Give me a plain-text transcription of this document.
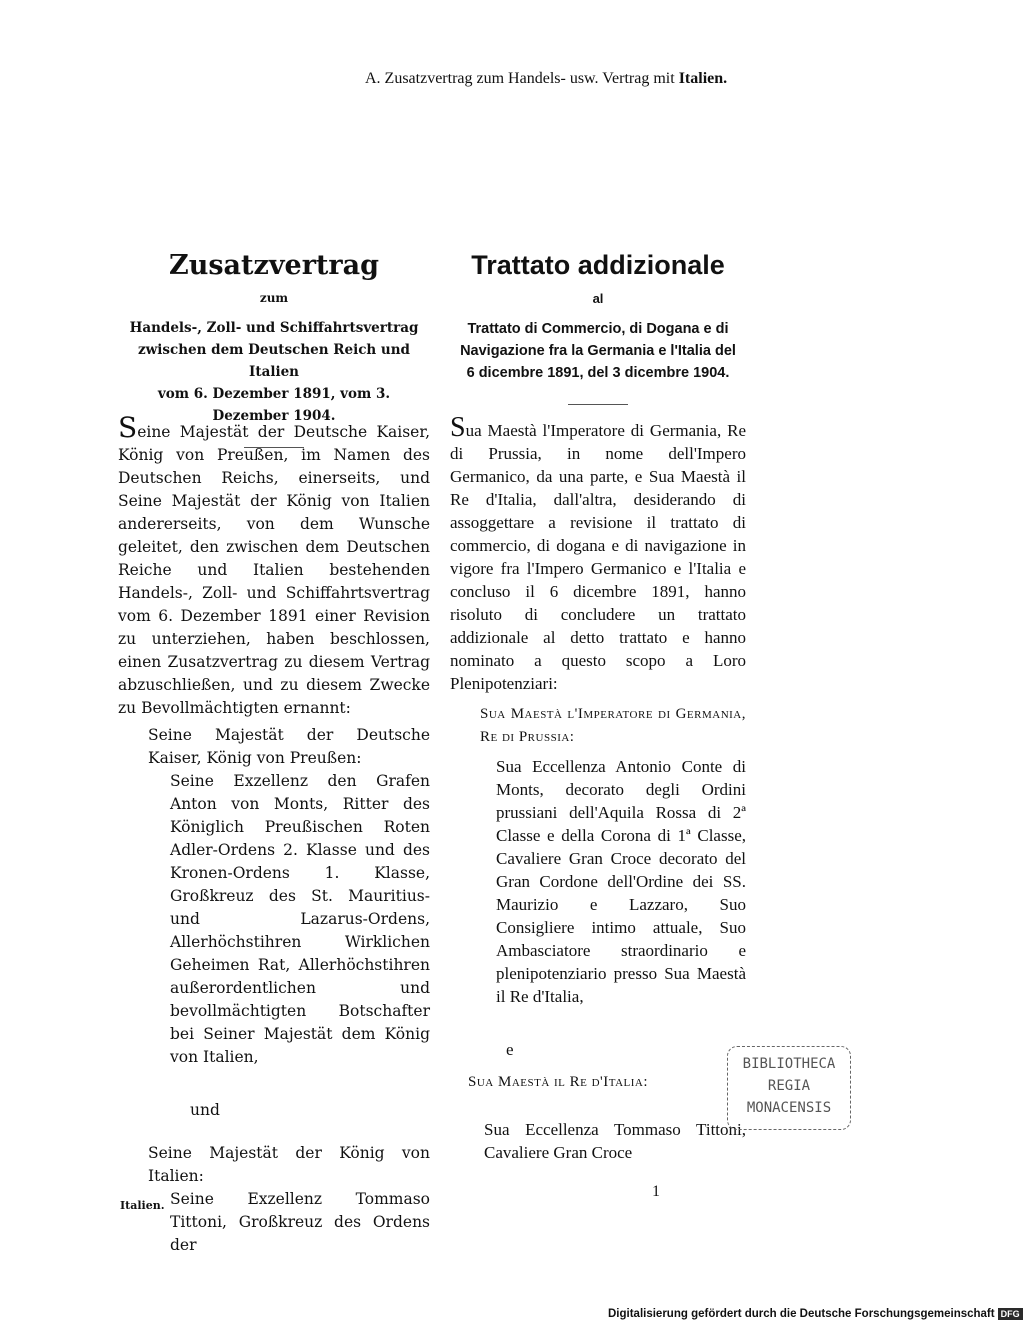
A. Zusatzvertrag zum Handels- usw. Vertrag mit Italien.
Zusatzvertrag
zum
Handels-, Zoll- und Schiffahrtsvertrag
zwischen dem Deutschen Reich und Italien
vom 6. Dezember 1891, vom 3. Dezember 1904.
Trattato addizionale
al
Trattato di Commercio, di Dogana e di
Navigazione fra la Germania e l'Italia del
6 dicembre 1891, del 3 dicembre 1904.
Seine Majestät der Deutsche Kaiser, König von Preußen, im Namen des Deutschen Reichs, einerseits, und Seine Majestät der König von Italien andererseits, von dem Wunsche geleitet, den zwischen dem Deutschen Reiche und Italien bestehenden Handels-, Zoll- und Schiffahrtsvertrag vom 6. Dezember 1891 einer Revision zu unterziehen, haben beschlossen, einen Zusatzvertrag zu diesem Vertrag abzuschließen, und zu diesem Zwecke zu Bevollmächtigten ernannt:
Seine Majestät der Deutsche Kaiser, König von Preußen:
Seine Exzellenz den Grafen Anton von Monts, Ritter des Königlich Preußischen Roten Adler-Ordens 2. Klasse und des Kronen-Ordens 1. Klasse, Großkreuz des St. Mauritius- und Lazarus-Ordens, Allerhöchstihren Wirklichen Geheimen Rat, Allerhöchstihren außerordentlichen und bevollmächtigten Botschafter bei Seiner Majestät dem König von Italien,
und
Seine Majestät der König von Italien:
Seine Exzellenz Tommaso Tittoni, Großkreuz des Ordens der
Sua Maestà l'Imperatore di Germania, Re di Prussia, in nome dell'Impero Germanico, da una parte, e Sua Maestà il Re d'Italia, dall'altra, desiderando di assoggettare a revisione il trattato di commercio, di dogana e di navigazione in vigore fra l'Impero Germanico e l'Italia e concluso il 6 dicembre 1891, hanno risoluto di concludere un trattato addizionale al detto trattato e hanno nominato a questo scopo a Loro Plenipotenziari:
Sua Maestà l'Imperatore di Germania, Re di Prussia:
Sua Eccellenza Antonio Conte di Monts, decorato degli Ordini prussiani dell'Aquila Rossa di 2ª Classe e della Corona di 1ª Classe, Cavaliere Gran Croce decorato del Gran Cordone dell'Ordine dei SS. Maurizio e Lazzaro, Suo Consigliere intimo attuale, Suo Ambasciatore straordinario e plenipotenziario presso Sua Maestà il Re d'Italia,
e
Sua Maestà il Re d'Italia:
Sua Eccellenza Tommaso Tittoni, Cavaliere Gran Croce
Italien.
1
BIBLIOTHECA
REGIA
MONACENSIS
Digitalisierung gefördert durch die Deutsche Forschungsgemeinschaft DFG
